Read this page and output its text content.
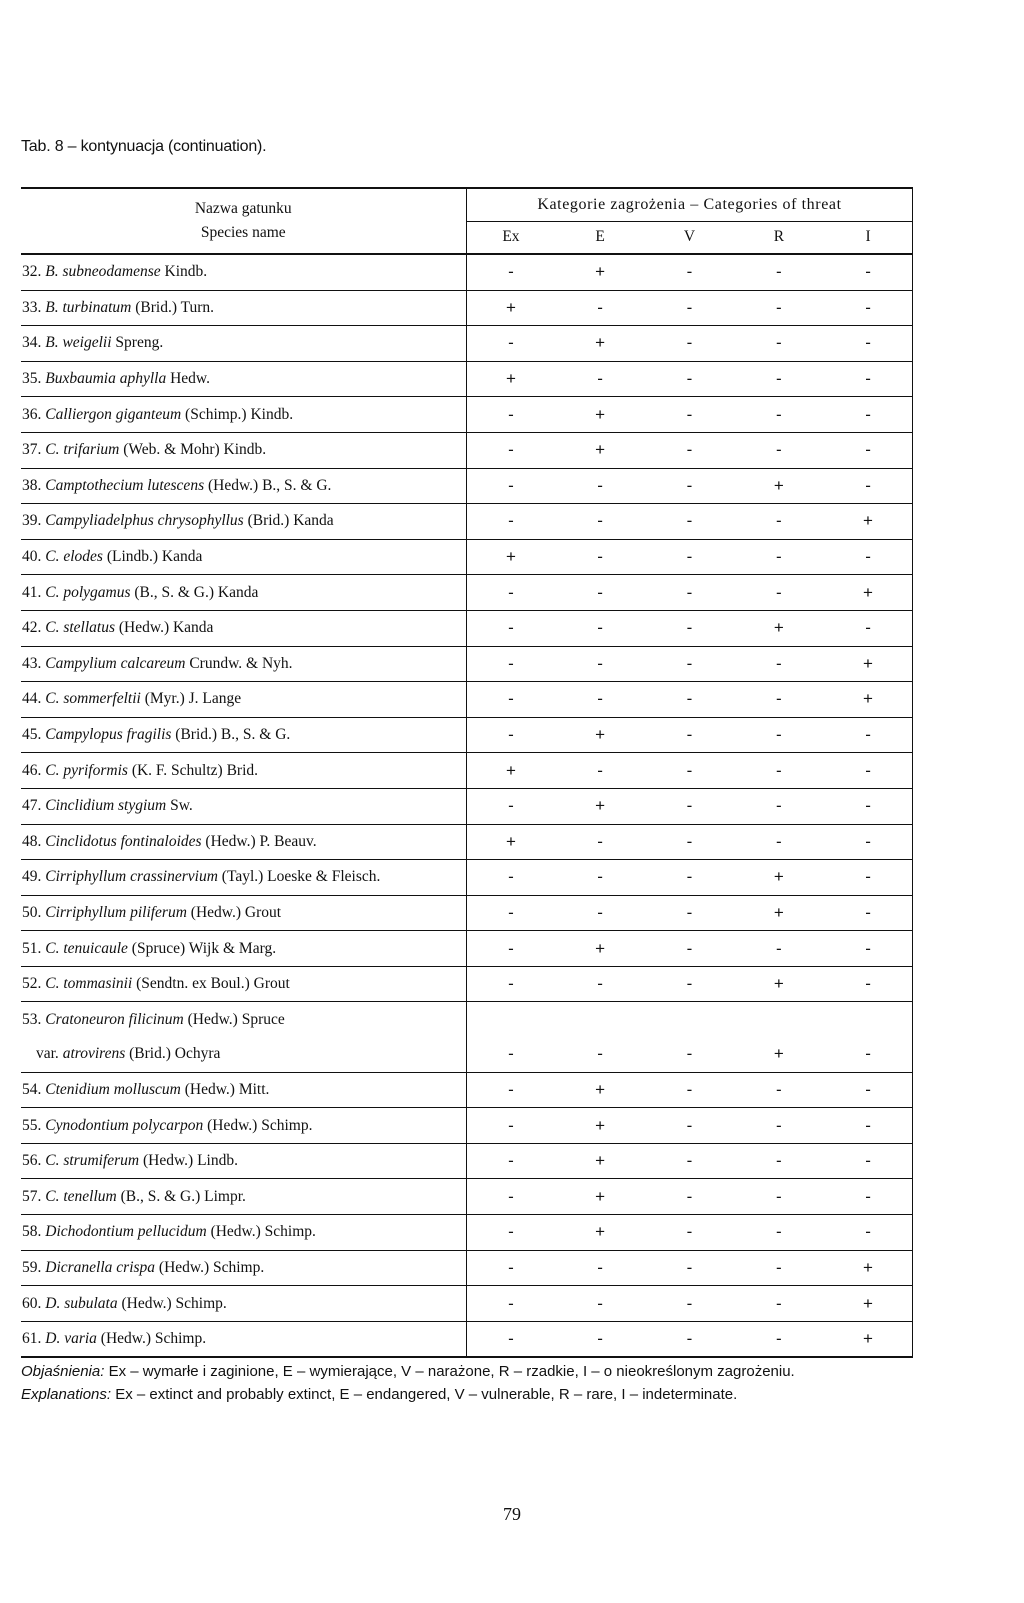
Tab. 8 – kontynuacja (continuation).
Nazwa gatunku
Species name	Kategorie zagrożenia – Categories of threat				
	Ex	E	V	R	I
32. B. subneodamense Kindb.	-	+	-	-	-
33. B. turbinatum (Brid.) Turn.	+	-	-	-	-
34. B. weigelii Spreng.	-	+	-	-	-
35. Buxbaumia aphylla Hedw.	+	-	-	-	-
36. Calliergon giganteum (Schimp.) Kindb.	-	+	-	-	-
37. C. trifarium (Web. & Mohr) Kindb.	-	+	-	-	-
38. Camptothecium lutescens (Hedw.) B., S. & G.	-	-	-	+	-
39. Campyliadelphus chrysophyllus (Brid.) Kanda	-	-	-	-	+
40. C. elodes (Lindb.) Kanda	+	-	-	-	-
41. C. polygamus (B., S. & G.) Kanda	-	-	-	-	+
42. C. stellatus (Hedw.) Kanda	-	-	-	+	-
43. Campylium calcareum Crundw. & Nyh.	-	-	-	-	+
44. C. sommerfeltii (Myr.) J. Lange	-	-	-	-	+
45. Campylopus fragilis (Brid.) B., S. & G.	-	+	-	-	-
46. C. pyriformis (K. F. Schultz) Brid.	+	-	-	-	-
47. Cinclidium stygium Sw.	-	+	-	-	-
48. Cinclidotus fontinaloides (Hedw.) P. Beauv.	+	-	-	-	-
49. Cirriphyllum crassinervium (Tayl.) Loeske & Fleisch.	-	-	-	+	-
50. Cirriphyllum piliferum (Hedw.) Grout	-	-	-	+	-
51. C. tenuicaule (Spruce) Wijk & Marg.	-	+	-	-	-
52. C. tommasinii (Sendtn. ex Boul.) Grout	-	-	-	+	-
53. Cratoneuron filicinum (Hedw.) Spruce					
var. atrovirens (Brid.) Ochyra	-	-	-	+	-
54. Ctenidium molluscum (Hedw.) Mitt.	-	+	-	-	-
55. Cynodontium polycarpon (Hedw.) Schimp.	-	+	-	-	-
56. C. strumiferum (Hedw.) Lindb.	-	+	-	-	-
57. C. tenellum (B., S. & G.) Limpr.	-	+	-	-	-
58. Dichodontium pellucidum (Hedw.) Schimp.	-	+	-	-	-
59. Dicranella crispa (Hedw.) Schimp.	-	-	-	-	+
60. D. subulata (Hedw.) Schimp.	-	-	-	-	+
61. D. varia (Hedw.) Schimp.	-	-	-	-	+
Objaśnienia: Ex – wymarłe i zaginione, E – wymierające, V – narażone, R – rzadkie, I – o nieokreślonym zagrożeniu.
Explanations: Ex – extinct and probably extinct, E – endangered, V – vulnerable, R – rare, I – indeterminate.
79
